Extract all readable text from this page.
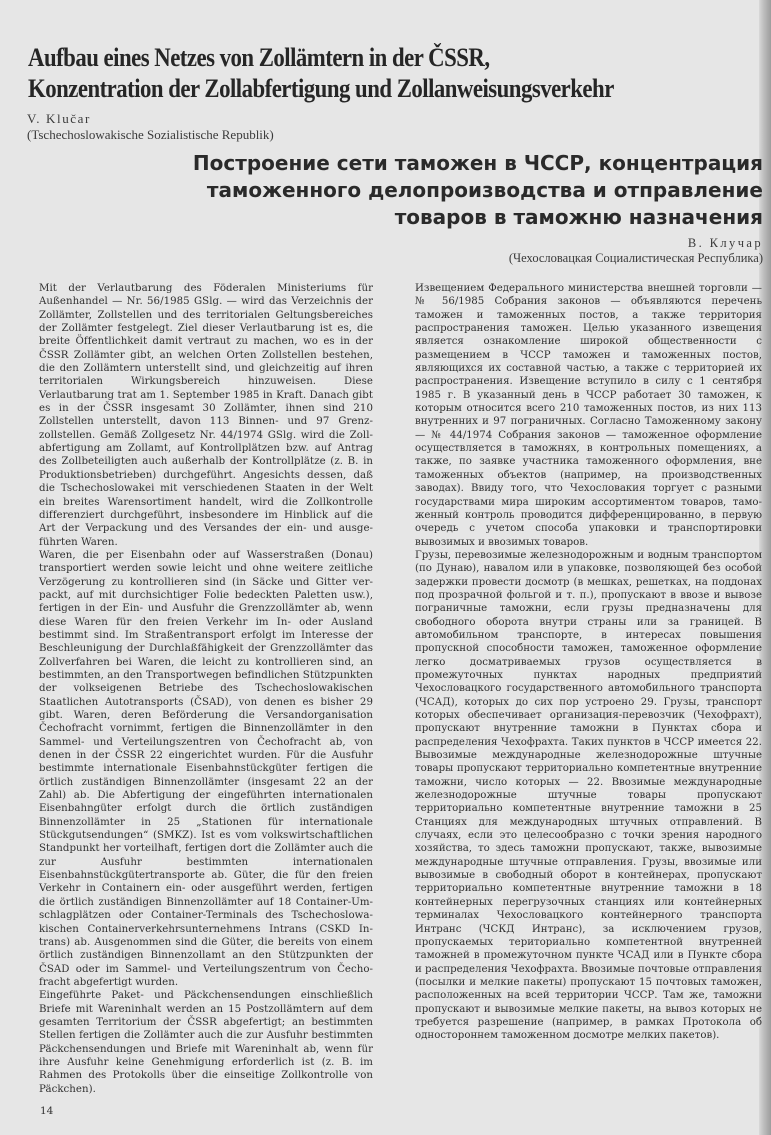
Aufbau eines Netzes von Zollämtern in der ČSSR,
Konzentration der Zollabfertigung und Zollanweisungsverkehr
V. Klučar
(Tschechoslowakische Sozialistische Republik)
Построение сети таможен в ЧССР, концентрация таможенного делопроизводства и отправление товаров в таможню назначения
В. Клучар
(Чехословацкая Социалистическая Республика)

Mit der Verlautbarung des Föderalen Ministeriums für Außenhandel — Nr. 56/1985 GSlg. — wird das Verzeichnis der Zollämter, Zollstellen und des territorialen Geltungsbereiches der Zollämter festgelegt. Ziel dieser Verlautbarung ist es, die breite Öffentlichkeit damit vertraut zu machen, wo es in der ČSSR Zollämter gibt, an welchen Orten Zollstellen bestehen, die den Zollämtern unterstellt sind, und gleichzeitig auf ihren territorialen Wirkungsbereich hinzuweisen. Diese Verlautbarung trat am 1. September 1985 in Kraft. Danach gibt es in der ČSSR insgesamt 30 Zollämter, ihnen sind 210 Zollstellen unterstellt, davon 113 Binnen- und 97 Grenzzollstellen. Gemäß Zollgesetz Nr. 44/1974 GSlg. wird die Zollabfertigung am Zollamt, auf Kontrollplätzen bzw. auf Antrag des Zollbeteiligten auch außerhalb der Kontrollplätze (z. B. in Produktionsbetrieben) durchgeführt. Angesichts dessen, daß die Tschechoslowakei mit verschiedenen Staaten in der Welt ein breites Warensortiment handelt, wird die Zollkontrolle differenziert durchgeführt, insbesondere im Hinblick auf die Art der Verpackung und des Versandes der ein- und ausgeführten Waren.

Waren, die per Eisenbahn oder auf Wasserstraßen (Donau) transportiert werden sowie leicht und ohne weitere zeitliche Verzögerung zu kontrollieren sind (in Säcke und Gitter verpackt, auf mit durchsichtiger Folie bedeckten Paletten usw.), fertigen in der Ein- und Ausfuhr die Grenzzollämter ab, wenn diese Waren für den freien Verkehr im In- oder Ausland bestimmt sind. Im Straßentransport erfolgt im Interesse der Beschleunigung der Durchlaßfähigkeit der Grenzzollämter das Zollverfahren bei Waren, die leicht zu kontrollieren sind, an bestimmten, an den Transportwegen befindlichen Stützpunkten der volkseigenen Betriebe des Tschechoslowakischen Staatlichen Autotransports (ČSAD), von denen es bisher 29 gibt. Waren, deren Beförderung die Versandorganisation Čechofracht vornimmt, fertigen die Binnenzollämter in den Sammel- und Verteilungszentren von Čechofracht ab, von denen in der ČSSR 22 eingerichtet wurden. Für die Ausfuhr bestimmte internationale Eisenbahnstückgüter fertigen die örtlich zuständigen Binnenzollämter (insgesamt 22 an der Zahl) ab. Die Abfertigung der eingeführten internationalen Eisenbahngüter erfolgt durch die örtlich zuständigen Binnenzollämter in 25 „Stationen für internationale Stückgutsendungen“ (SMKZ). Ist es vom volkswirtschaftlichen Standpunkt her vorteilhaft, fertigen dort die Zollämter auch die zur Ausfuhr bestimmten internationalen Eisenbahnstückgütertransporte ab. Güter, die für den freien Verkehr in Containern ein- oder ausgeführt werden, fertigen die örtlich zuständigen Binnenzollämter auf 18 Container-Umschlagplätzen oder Container-Terminals des Tschechoslowakischen Containerverkehrsunternehmens Intrans (CSKD Intrans) ab. Ausgenommen sind die Güter, die bereits von einem örtlich zuständigen Binnenzollamt an den Stützpunkten der ČSAD oder im Sammel- und Verteilungszentrum von Čechofracht abgefertigt wurden.

Eingeführte Paket- und Päckchensendungen einschließlich Briefe mit Wareninhalt werden an 15 Postzollämtern auf dem gesamten Territorium der ČSSR abgefertigt; an bestimmten Stellen fertigen die Zollämter auch die zur Ausfuhr bestimmten Päckchensendungen und Briefe mit Wareninhalt ab, wenn für ihre Ausfuhr keine Genehmigung erforderlich ist (z. B. im Rahmen des Protokolls über die einseitige Zollkontrolle von Päckchen).

Извещением Федерального министерства внешней торговли — № 56/1985 Собрания законов — объявляются перечень таможен и таможенных постов, а также территория распространения таможен. Целью указанного извещения является ознакомление широкой общественности с размещением в ЧССР таможен и таможенных постов, являющихся их составной частью, а также с территорией их распространения. Извещение вступило в силу с 1 сентября 1985 г. В указанный день в ЧССР работает 30 таможен, к которым относится всего 210 таможенных постов, из них 113 внутренних и 97 пограничных. Согласно Таможенному закону — № 44/1974 Собрания законов — таможенное оформление осуществляется в таможнях, в контрольных помещениях, а также, по заявке участника таможенного оформления, вне таможенных объектов (например, на производственных заводах). Ввиду того, что Чехословакия торгует с разными государствами мира широким ассортиментом товаров, таможенный контроль проводится дифференцированно, в первую очередь с учетом способа упаковки и транспортировки вывозимых и ввозимых товаров.

Грузы, перевозимые железнодорожным и водным транспортом (по Дунаю), навалом или в упаковке, позволяющей без особой задержки провести досмотр (в мешках, решетках, на поддонах под прозрачной фольгой и т. п.), пропускают в ввозе и вывозе пограничные таможни, если грузы предназначены для свободного оборота внутри страны или за границей. В автомобильном транспорте, в интересах повышения пропускной способности таможен, таможенное оформление легко досматриваемых грузов осуществляется в промежуточных пунктах народных предприятий Чехословацкого государственного автомобильного транспорта (ЧСАД), которых до сих пор устроено 29. Грузы, транспорт которых обеспечивает организация-перевозчик (Чехофрахт), пропускают внутренние таможни в Пунктах сбора и распределения Чехофрахта. Таких пунктов в ЧССР имеется 22. Вывозимые международные железнодорожные штучные товары пропускают территориально компетентные внутренние таможни, число которых — 22. Ввозимые международные железнодорожные штучные товары пропускают территориально компетентные внутренние таможни в 25 Станциях для международных штучных отправлений. В случаях, если это целесообразно с точки зрения народного хозяйства, то здесь таможни пропускают, также, вывозимые международные штучные отправления. Грузы, ввозимые или вывозимые в свободный оборот в контейнерах, пропускают территориально компетентные внутренние таможни в 18 контейнерных перегрузочных станциях или контейнерных терминалах Чехословацкого контейнерного транспорта Интранс (ЧСКД Интранс), за исключением грузов, пропускаемых териториально компетентной внутренней таможней в промежуточном пункте ЧСАД или в Пункте сбора и распределения Чехофрахта. Ввозимые почтовые отправления (посылки и мелкие пакеты) пропускают 15 почтовых таможен, расположенных на всей территории ЧССР. Там же, таможни пропускают и вывозимые мелкие пакеты, на вывоз которых не требуется разрешение (например, в рамках Протокола об одностороннем таможенном досмотре мелких пакетов).

14
